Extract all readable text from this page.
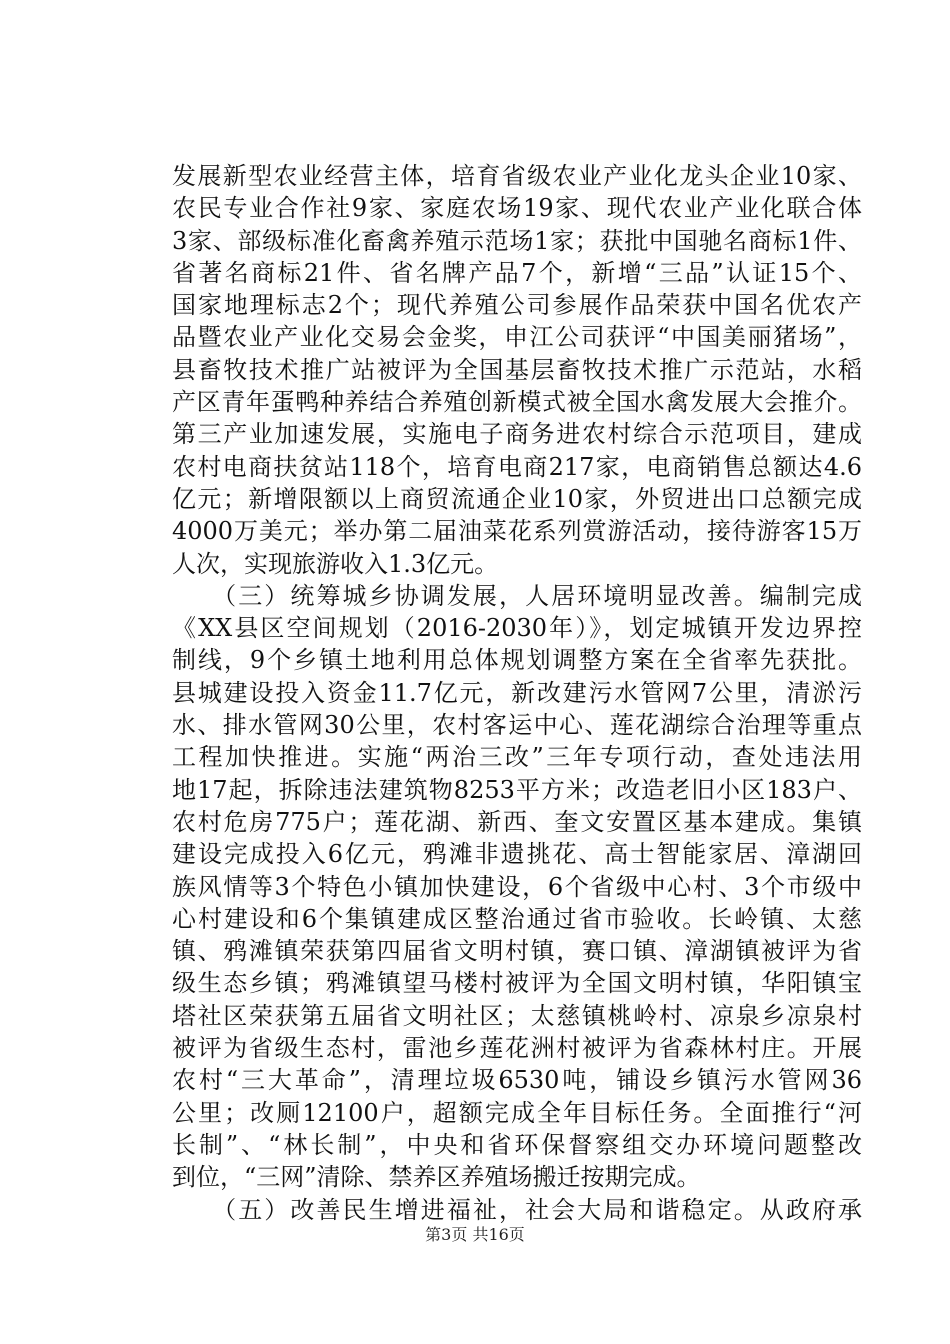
发展新型农业经营主体，培育省级农业产业化龙头企业10家、
农民专业合作社9家、家庭农场19家、现代农业产业化联合体
3家、部级标准化畜禽养殖示范场1家；获批中国驰名商标1件、
省著名商标21件、省名牌产品7个，新增“三品”认证15个、
国家地理标志2个；现代养殖公司参展作品荣获中国名优农产
品暨农业产业化交易会金奖，申江公司获评“中国美丽猪场”，
县畜牧技术推广站被评为全国基层畜牧技术推广示范站，水稻
产区青年蛋鸭种养结合养殖创新模式被全国水禽发展大会推介。
第三产业加速发展，实施电子商务进农村综合示范项目，建成
农村电商扶贫站118个，培育电商217家，电商销售总额达4.6
亿元；新增限额以上商贸流通企业10家，外贸进出口总额完成
4000万美元；举办第二届油菜花系列赏游活动，接待游客15万
人次，实现旅游收入1.3亿元。
　　（三）统筹城乡协调发展，人居环境明显改善。编制完成
《XX县区空间规划（2016-2030年）》，划定城镇开发边界控
制线，9个乡镇土地利用总体规划调整方案在全省率先获批。
县城建设投入资金11.7亿元，新改建污水管网7公里，清淤污
水、排水管网30公里，农村客运中心、莲花湖综合治理等重点
工程加快推进。实施“两治三改”三年专项行动，查处违法用
地17起，拆除违法建筑物8253平方米；改造老旧小区183户、
农村危房775户；莲花湖、新西、奎文安置区基本建成。集镇
建设完成投入6亿元，鸦滩非遗挑花、高士智能家居、漳湖回
族风情等3个特色小镇加快建设，6个省级中心村、3个市级中
心村建设和6个集镇建成区整治通过省市验收。长岭镇、太慈
镇、鸦滩镇荣获第四届省文明村镇，赛口镇、漳湖镇被评为省
级生态乡镇；鸦滩镇望马楼村被评为全国文明村镇，华阳镇宝
塔社区荣获第五届省文明社区；太慈镇桃岭村、凉泉乡凉泉村
被评为省级生态村，雷池乡莲花洲村被评为省森林村庄。开展
农村“三大革命”，清理垃圾6530吨，铺设乡镇污水管网36
公里；改厕12100户，超额完成全年目标任务。全面推行“河
长制”、“林长制”，中央和省环保督察组交办环境问题整改
到位，“三网”清除、禁养区养殖场搬迁按期完成。
　　（五）改善民生增进福祉，社会大局和谐稳定。从政府承
第3页 共16页
